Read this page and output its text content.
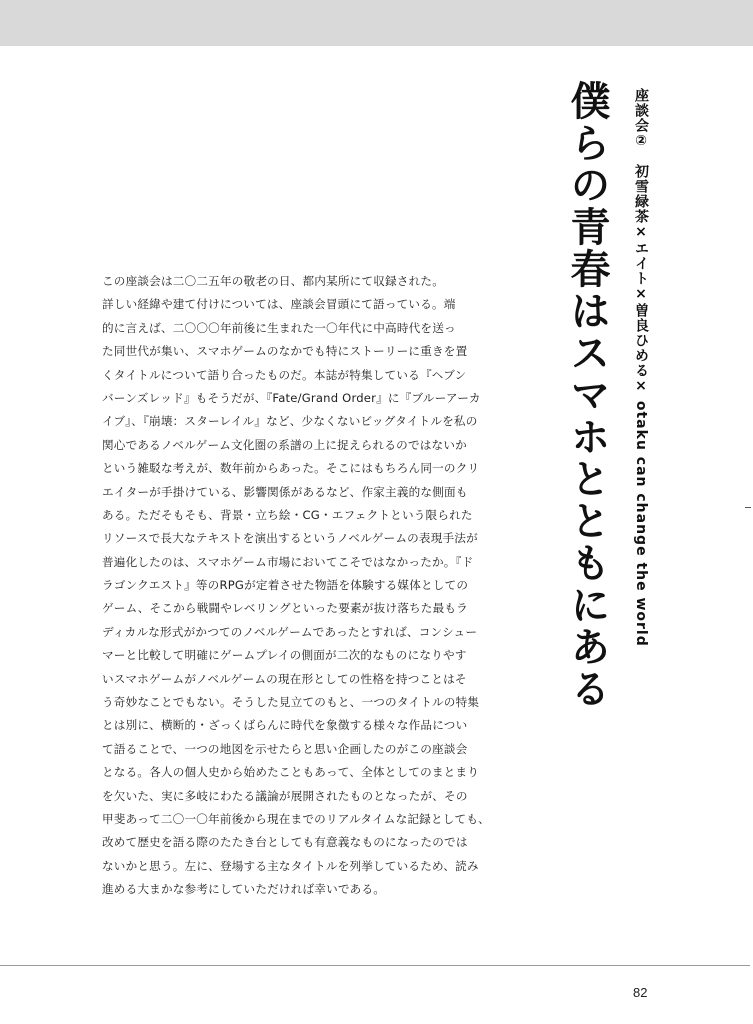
座談会②初雪緑茶×エイト×曽良ひめる× otaku can change the world
僕らの青春はスマホとともにある
この座談会は二〇二五年の敬老の日、都内某所にて収録された。
詳しい経緯や建て付けについては、座談会冒頭にて語っている。端
的に言えば、二〇〇〇年前後に生まれた一〇年代に中高時代を送っ
た同世代が集い、スマホゲームのなかでも特にストーリーに重きを置
くタイトルについて語り合ったものだ。本誌が特集している『ヘブン
バーンズレッド』もそうだが、『Fate/Grand Order』に『ブルーアーカ
イブ』、『崩壊：スターレイル』など、少なくないビッグタイトルを私の
関心であるノベルゲーム文化圏の系譜の上に捉えられるのではないか
という雑駁な考えが、数年前からあった。そこにはもちろん同一のクリ
エイターが手掛けている、影響関係があるなど、作家主義的な側面も
ある。ただそもそも、背景・立ち絵・CG・エフェクトという限られた
リソースで長大なテキストを演出するというノベルゲームの表現手法が
普遍化したのは、スマホゲーム市場においてこそではなかったか。『ド
ラゴンクエスト』等のRPGが定着させた物語を体験する媒体としての
ゲーム、そこから戦闘やレベリングといった要素が抜け落ちた最もラ
ディカルな形式がかつてのノベルゲームであったとすれば、コンシュー
マーと比較して明確にゲームプレイの側面が二次的なものになりやす
いスマホゲームがノベルゲームの現在形としての性格を持つことはそ
う奇妙なことでもない。そうした見立てのもと、一つのタイトルの特集
とは別に、横断的・ざっくばらんに時代を象徴する様々な作品につい
て語ることで、一つの地図を示せたらと思い企画したのがこの座談会
となる。各人の個人史から始めたこともあって、全体としてのまとまり
を欠いた、実に多岐にわたる議論が展開されたものとなったが、その
甲斐あって二〇一〇年前後から現在までのリアルタイムな記録としても、
改めて歴史を語る際のたたき台としても有意義なものになったのでは
ないかと思う。左に、登場する主なタイトルを列挙しているため、読み
進める大まかな参考にしていただければ幸いである。
82
